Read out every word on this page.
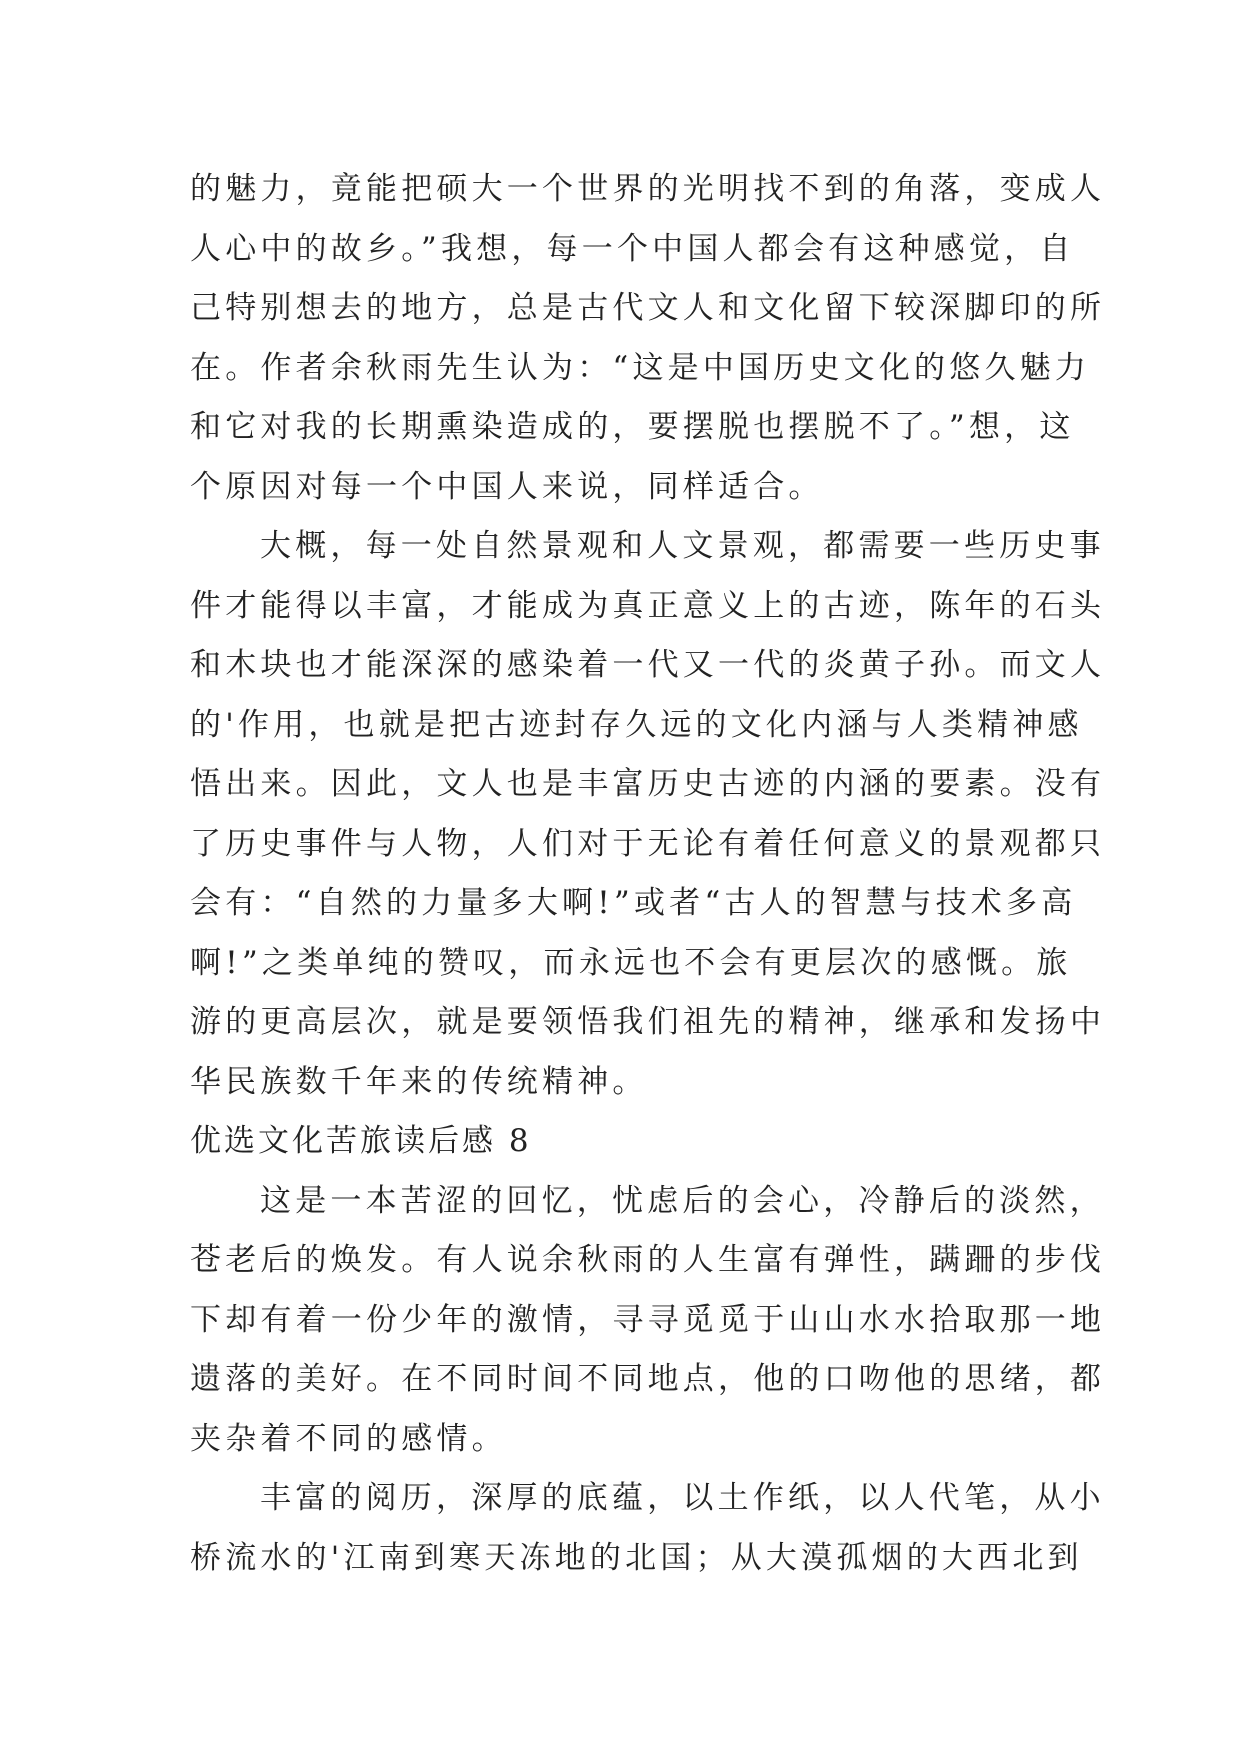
的魅力，竟能把硕大一个世界的光明找不到的角落，变成人
人心中的故乡。”我想，每一个中国人都会有这种感觉，自
己特别想去的地方，总是古代文人和文化留下较深脚印的所
在。作者余秋雨先生认为：“这是中国历史文化的悠久魅力
和它对我的长期熏染造成的，要摆脱也摆脱不了。”想，这
个原因对每一个中国人来说，同样适合。

大概，每一处自然景观和人文景观，都需要一些历史事
件才能得以丰富，才能成为真正意义上的古迹，陈年的石头
和木块也才能深深的感染着一代又一代的炎黄子孙。而文人
的'作用，也就是把古迹封存久远的文化内涵与人类精神感
悟出来。因此，文人也是丰富历史古迹的内涵的要素。没有
了历史事件与人物，人们对于无论有着任何意义的景观都只
会有：“自然的力量多大啊!”或者“古人的智慧与技术多高
啊!”之类单纯的赞叹，而永远也不会有更层次的感慨。旅
游的更高层次，就是要领悟我们祖先的精神，继承和发扬中
华民族数千年来的传统精神。

优选文化苦旅读后感 8

这是一本苦涩的回忆，忧虑后的会心，冷静后的淡然，
苍老后的焕发。有人说余秋雨的人生富有弹性，蹒跚的步伐
下却有着一份少年的激情，寻寻觅觅于山山水水拾取那一地
遗落的美好。在不同时间不同地点，他的口吻他的思绪，都
夹杂着不同的感情。

丰富的阅历，深厚的底蕴，以土作纸，以人代笔，从小
桥流水的'江南到寒天冻地的北国；从大漠孤烟的大西北到
